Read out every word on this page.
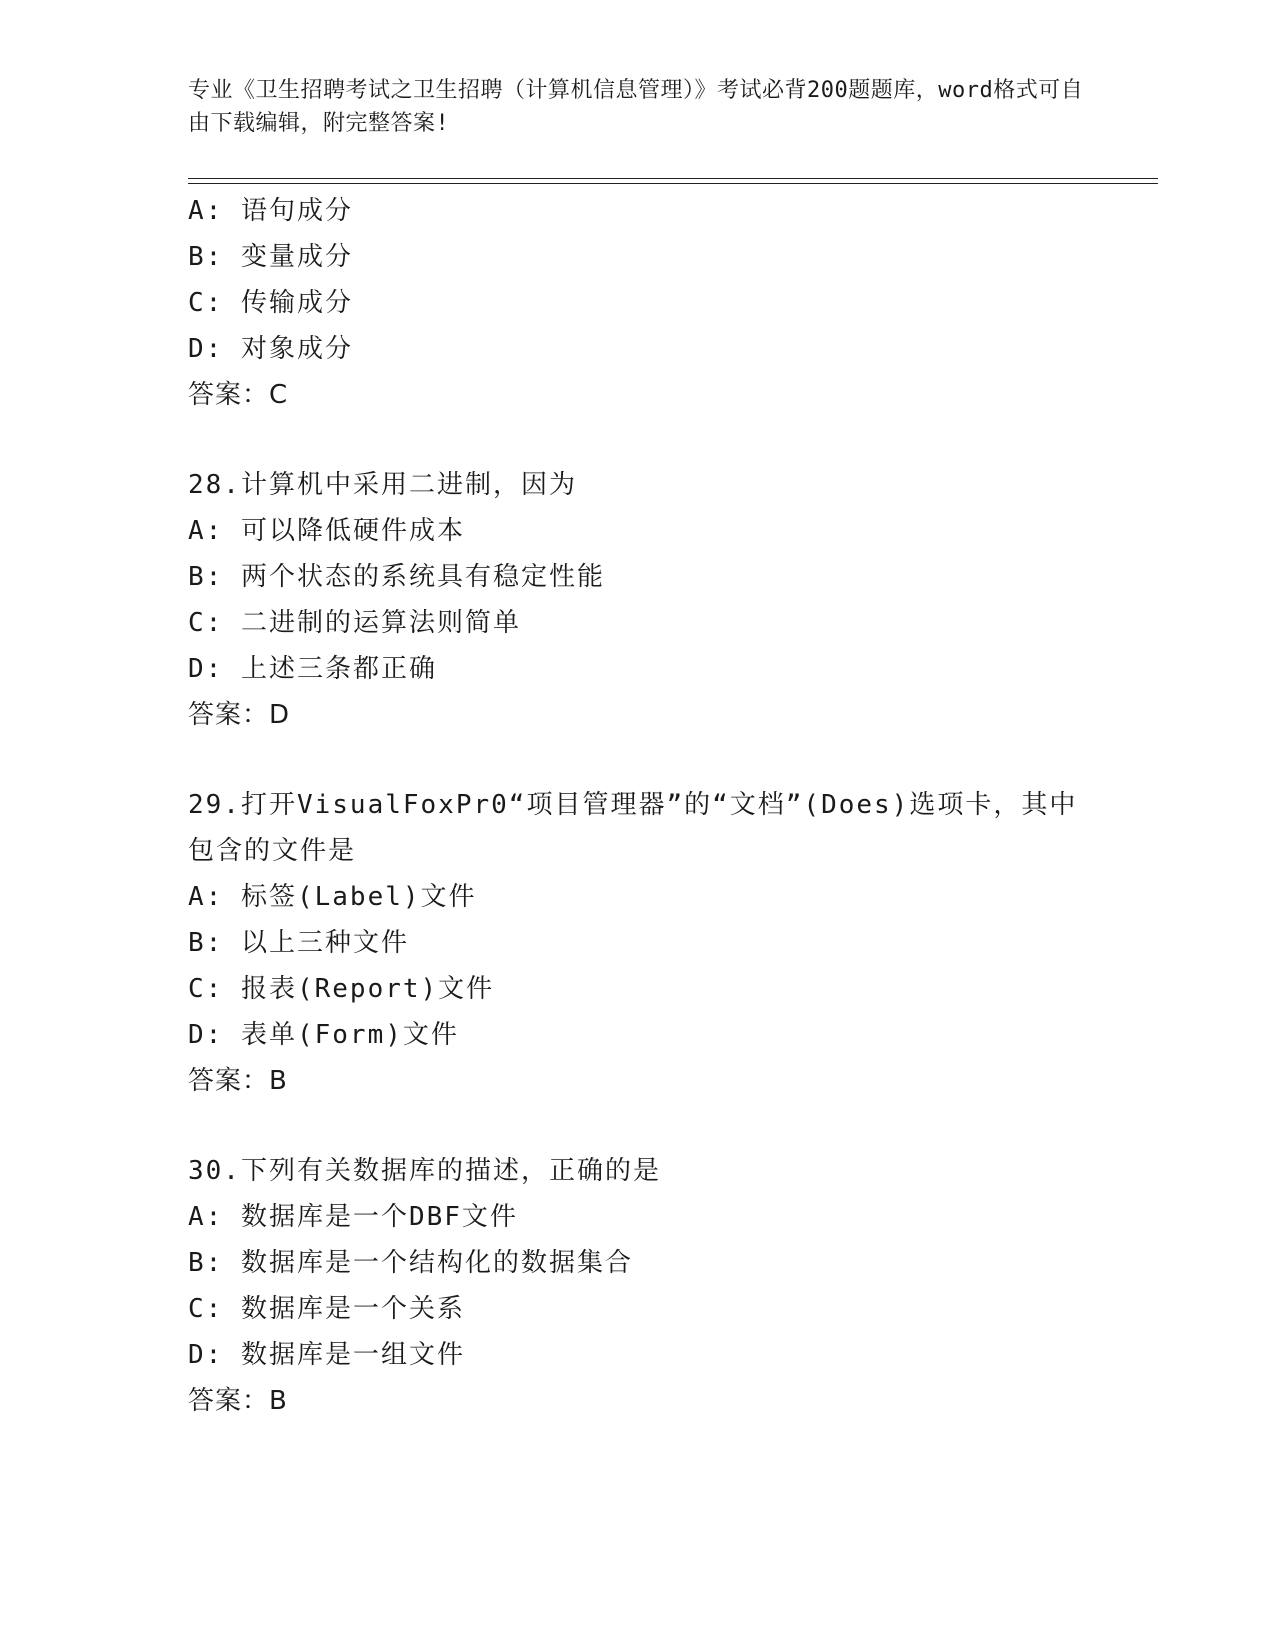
专业《卫生招聘考试之卫生招聘（计算机信息管理）》考试必背200题题库，word格式可自由下载编辑，附完整答案!
A: 语句成分
B: 变量成分
C: 传输成分
D: 对象成分
答案：C
28.计算机中采用二进制，因为
A: 可以降低硬件成本
B: 两个状态的系统具有稳定性能
C: 二进制的运算法则简单
D: 上述三条都正确
答案：D
29.打开VisualFoxPr0“项目管理器”的“文档”(Does)选项卡，其中包含的文件是
A: 标签(Label)文件
B: 以上三种文件
C: 报表(Report)文件
D: 表单(Form)文件
答案：B
30.下列有关数据库的描述，正确的是
A: 数据库是一个DBF文件
B: 数据库是一个结构化的数据集合
C: 数据库是一个关系
D: 数据库是一组文件
答案：B
